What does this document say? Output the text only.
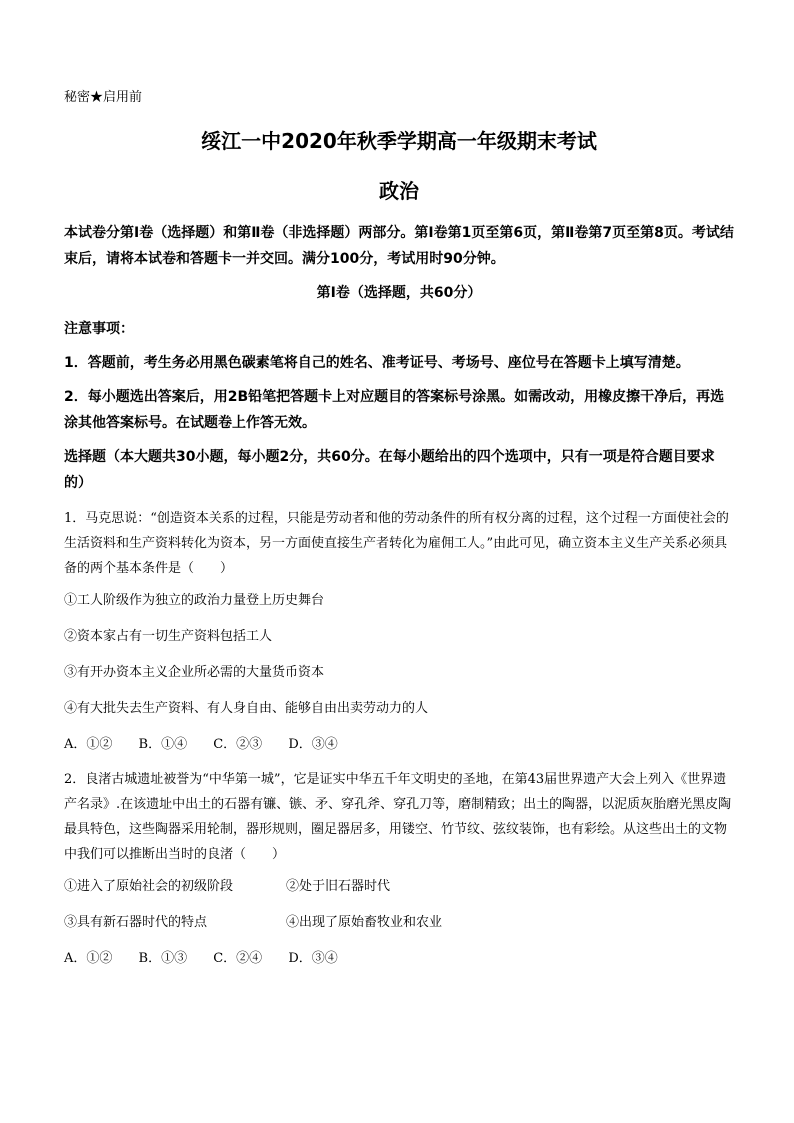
秘密★启用前
绥江一中2020年秋季学期高一年级期末考试
政治

本试卷分第Ⅰ卷（选择题）和第Ⅱ卷（非选择题）两部分。第Ⅰ卷第1页至第6页，第Ⅱ卷第7页至第8页。考试结束后，请将本试卷和答题卡一并交回。满分100分，考试用时90分钟。

第Ⅰ卷（选择题，共60分）

注意事项：

1．答题前，考生务必用黑色碳素笔将自己的姓名、准考证号、考场号、座位号在答题卡上填写清楚。

2．每小题选出答案后，用2B铅笔把答题卡上对应题目的答案标号涂黑。如需改动，用橡皮擦干净后，再选涂其他答案标号。在试题卷上作答无效。

选择题（本大题共30小题，每小题2分，共60分。在每小题给出的四个选项中，只有一项是符合题目要求的）

1．马克思说：“创造资本关系的过程，只能是劳动者和他的劳动条件的所有权分离的过程，这个过程一方面使社会的生活资料和生产资料转化为资本，另一方面使直接生产者转化为雇佣工人。”由此可见，确立资本主义生产关系必须具备的两个基本条件是（　　）

①工人阶级作为独立的政治力量登上历史舞台

②资本家占有一切生产资料包括工人

③有开办资本主义企业所必需的大量货币资本

④有大批失去生产资料、有人身自由、能够自由出卖劳动力的人

A．①② B．①④ C．②③ D．③④

2．良渚古城遗址被誉为“中华第一城”，它是证实中华五千年文明史的圣地，在第43届世界遗产大会上列入《世界遗产名录》.在该遗址中出土的石器有镰、镞、矛、穿孔斧、穿孔刀等，磨制精致；出土的陶器，以泥质灰胎磨光黑皮陶最具特色，这些陶器采用轮制，器形规则，圈足器居多，用镂空、竹节纹、弦纹装饰，也有彩绘。从这些出土的文物中我们可以推断出当时的良渚（　　）

①进入了原始社会的初级阶段	②处于旧石器时代
③具有新石器时代的特点	④出现了原始畜牧业和农业
A．①② B．①③ C．②④ D．③④
